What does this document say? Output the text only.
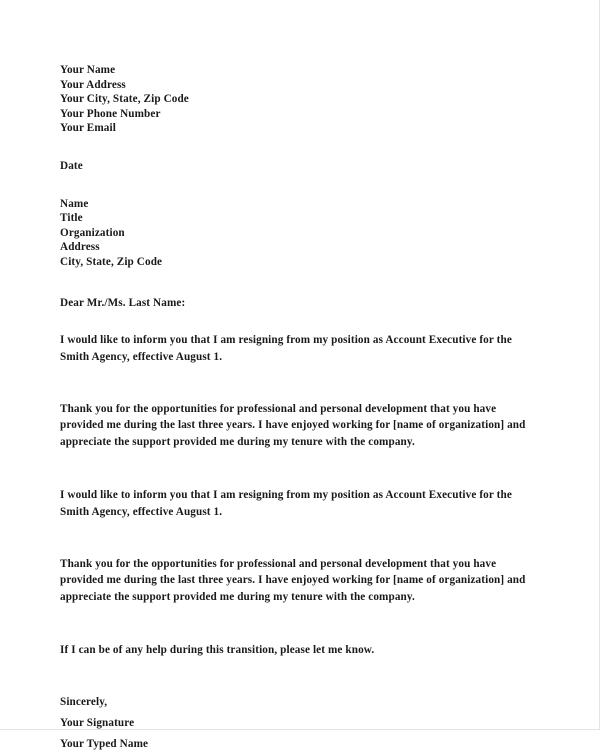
Your Name
Your Address
Your City, State, Zip Code
Your Phone Number
Your Email
Date
Name
Title
Organization
Address
City, State, Zip Code
Dear Mr./Ms. Last Name:

I would like to inform you that I am resigning from my position as Account Executive for the Smith Agency, effective August 1.

Thank you for the opportunities for professional and personal development that you have provided me during the last three years. I have enjoyed working for [name of organization] and appreciate the support provided me during my tenure with the company.

I would like to inform you that I am resigning from my position as Account Executive for the Smith Agency, effective August 1.

Thank you for the opportunities for professional and personal development that you have provided me during the last three years. I have enjoyed working for [name of organization] and appreciate the support provided me during my tenure with the company.

If I can be of any help during this transition, please let me know.

Sincerely,
Your Signature
Your Typed Name
